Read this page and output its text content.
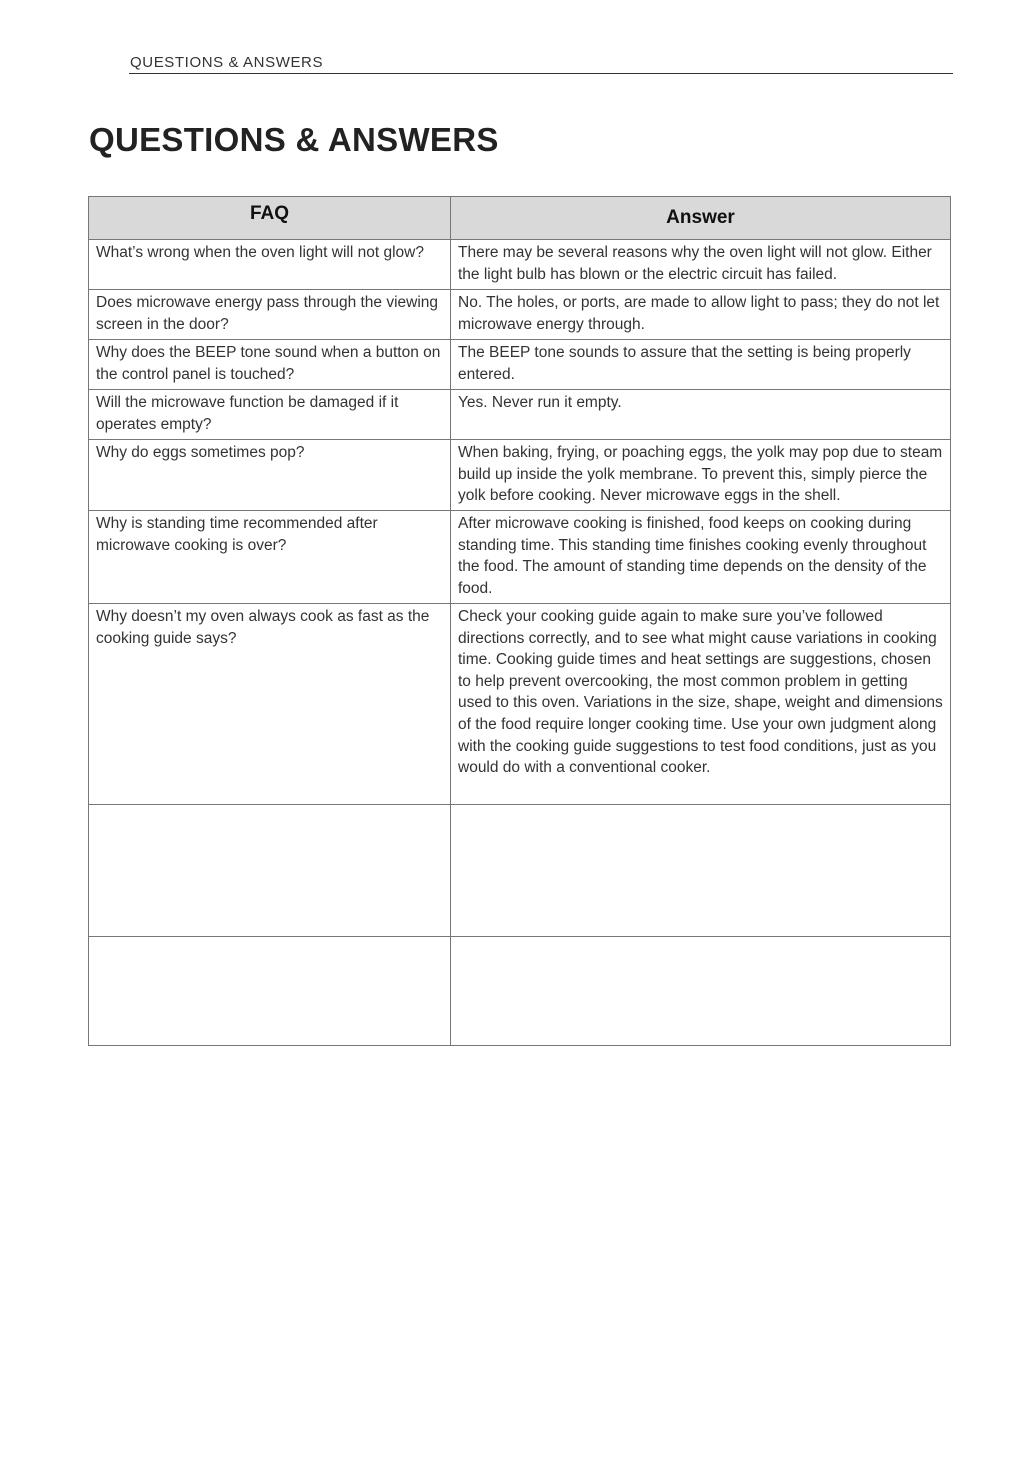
QUESTIONS & ANSWERS
QUESTIONS & ANSWERS
FAQ	Answer
What’s wrong when the oven light will not glow?	There may be several reasons why the oven light will not glow. Either the light bulb has blown or the electric circuit has failed.
Does microwave energy pass through the viewing screen in the door?	No. The holes, or ports, are made to allow light to pass; they do not let microwave energy through.
Why does the BEEP tone sound when a button on the control panel is touched?	The BEEP tone sounds to assure that the setting is being properly entered.
Will the microwave function be damaged if it operates empty?	Yes. Never run it empty.
Why do eggs sometimes pop?	When baking, frying, or poaching eggs, the yolk may pop due to steam build up inside the yolk membrane. To prevent this, simply pierce the yolk before cooking. Never microwave eggs in the shell.
Why is standing time recommended after microwave cooking is over?	After microwave cooking is finished, food keeps on cooking during standing time. This standing time finishes cooking evenly throughout the food. The amount of standing time depends on the density of the food.
Why doesn’t my oven always cook as fast as the cooking guide says?	Check your cooking guide again to make sure you’ve followed directions correctly, and to see what might cause variations in cooking time. Cooking guide times and heat settings are suggestions, chosen to help prevent overcooking, the most common problem in getting used to this oven. Variations in the size, shape, weight and dimensions of the food require longer cooking time. Use your own judgment along with the cooking guide suggestions to test food conditions, just as you would do with a conventional cooker.
